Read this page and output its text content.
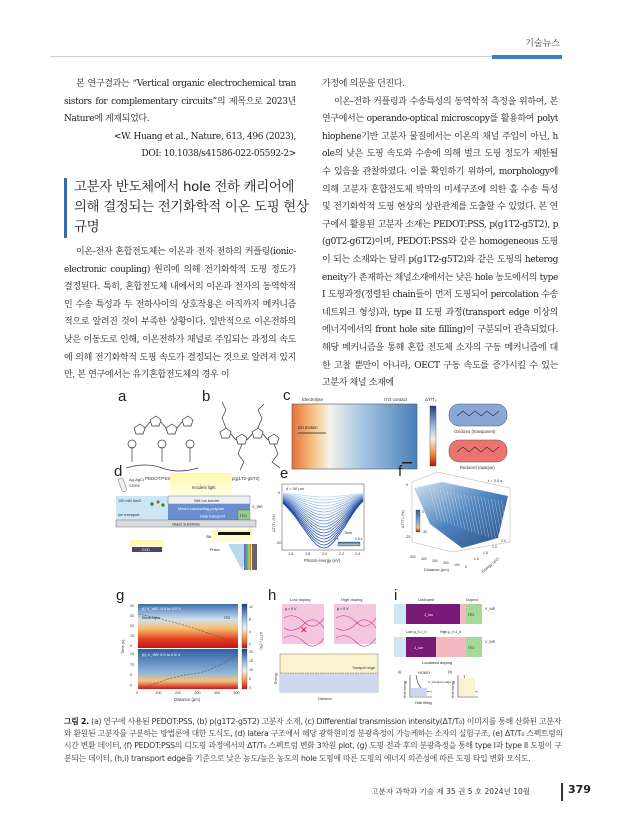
기술뉴스

본 연구결과는 “Vertical organic electrochemical transistors for complementary circuits”의 제목으로 2023년 Nature에 게재되었다.

<W. Huang et al., Nature, 613, 496 (2023),

DOI: 10.1038/s41586-022-05592-2>

고분자 반도체에서 hole 전하 캐리어에 의해 결정되는 전기화학적 이온 도핑 현상 규명

이온-전자 혼합전도체는 이온과 전자 전하의 커플링(ionic-electronic coupling) 원리에 의해 전기화학적 도핑 정도가 결정된다. 특히, 혼합전도체 내에서의 이온과 전자의 동역학적인 수송 특성과 두 전하사이의 상호작용은 아직까지 메커니즘적으로 알려진 것이 부족한 상황이다. 일반적으로 이온전하의 낮은 이동도로 인해, 이온전하가 채널로 주입되는 과정의 속도에 의해 전기화학적 도핑 속도가 결정되는 것으로 알려져 있지만, 본 연구에서는 유기혼합전도체의 경우 이

가정에 의문을 던진다.

이온-전하 커플링과 수송특성의 동역학적 측정을 위하여, 본 연구에서는 operando-optical microscopy를 활용하여 polythiophene기반 고분자 물질에서는 이온의 채널 주입이 아닌, hole의 낮은 도핑 속도와 수송에 의해 벌크 도핑 정도가 제한될 수 있음을 관찰하였다. 이를 확인하기 위하여, morphology에 의해 고분자 혼합전도체 박막의 미세구조에 의한 홀 수송 특성 및 전기화학적 도핑 현상의 상관관계를 도출할 수 있었다. 본 연구에서 활용된 고분자 소재는 PEDOT:PSS, p(g1T2-g5T2), p(g0T2-g6T2)이며, PEDOT:PSS와 같은 homogeneous 도핑이 되는 소재와는 달리 p(g1T2-g5T2)와 같은 도핑의 heterogeneity가 존재하는 채널소재에서는 낮은 hole 농도에서의 type I 도핑과정(정렬된 chain들이 먼저 도핑되어 percolation 수송 네트워크 형성)과, type II 도핑 과정(transport edge 이상의 에너지에서의 front hole site filling)이 구분되어 관측되었다. 해당 메커니즘을 통해 혼합 전도체 소자의 구동 메커니즘에 대한 고찰 뿐만이 아니라, OECT 구동 속도를 증가시킬 수 있는 고분자 채널 소재에

PEDOT:PSS	p(g1T2-g5T2)
Electrolyte	ITO contact
Ion motion
ΔT/T₀
Oxidized (transparent)
Reduced (opaque)
Incident light
Ag-AgCl
CE/RE
100 mM NaCl
Ion transport
SiN ion barrier
Mixed conducting polymer
Hole transport	ITO
V_WE
Glass substrate
Slit
Prism
CCD
d = 50 μm
Photon energy (eV)
ΔT/T₀ (%)
0
-20
1.6	1.8	2.0	2.2	2.4
Time
0 s	0.8 s
t = 3.0 s
ΔT/T₀ (%)
0
-25
Distance (μm)	Energy (eV)
0
-30
500 400 300 200 100 0
1.6
1.8
2.0
2.4
(i) V_WE -0.4 to 0.0 V
(ii) V_WE 0.0 to 0.6 V
Electrolyte	ITO
Time (s)
Distance (μm)
ΔT/T₀ (%)
0	100	200	300	400	500
40
30
20
10
0
15
10
5
0
12
8
4
0
20
15
10
5
0
✕
Low doping	High doping
ϕ < 0 V	ϕ < 0 V
Energy
Distance
Transport edge
Undoped	Doped
J_ion
J_ion
ITO
ITO
V_WE
V_WE
Low μ_h J_h	High μ_h J_h
Localized doping
(i)	(ii)
HOMO
V_transport edge
Hole filling
Hole energy	Hole energy
a	b	c
d	e	f
g	h	i
그림 2. (a) 연구에 사용된 PEDOT:PSS, (b) p(g1T2-g5T2) 고분자 소재, (c) Differential transmission intensity(ΔT/T₀) 이미지를 통해 산화된 고분자와 환원된 고분자를 구분하는 방법론에 대한 도식도, (d) latera 구조에서 해당 광학현미경 분광측정이 가능케하는 소자의 실험구조, (e) ΔT/T₀ 스펙트럼의 시간 변환 데이터, (f) PEDOT:PSS의 디도핑 과정에서의 ΔT/T₀ 스펙트럼 변화 3차원 plot, (g) 도핑 전과 후의 분광측정을 통해 type I과 type II 도핑이 구분되는 데이터, (h,i) transport edge를 기준으로 낮은 농도/높은 농도의 hole 도핑에 따른 도핑의 에너지 의존성에 따른 도핑 타입 변화 모식도.
고분자 과학과 기술 제 35 권 5 호 2024년 10월	379
